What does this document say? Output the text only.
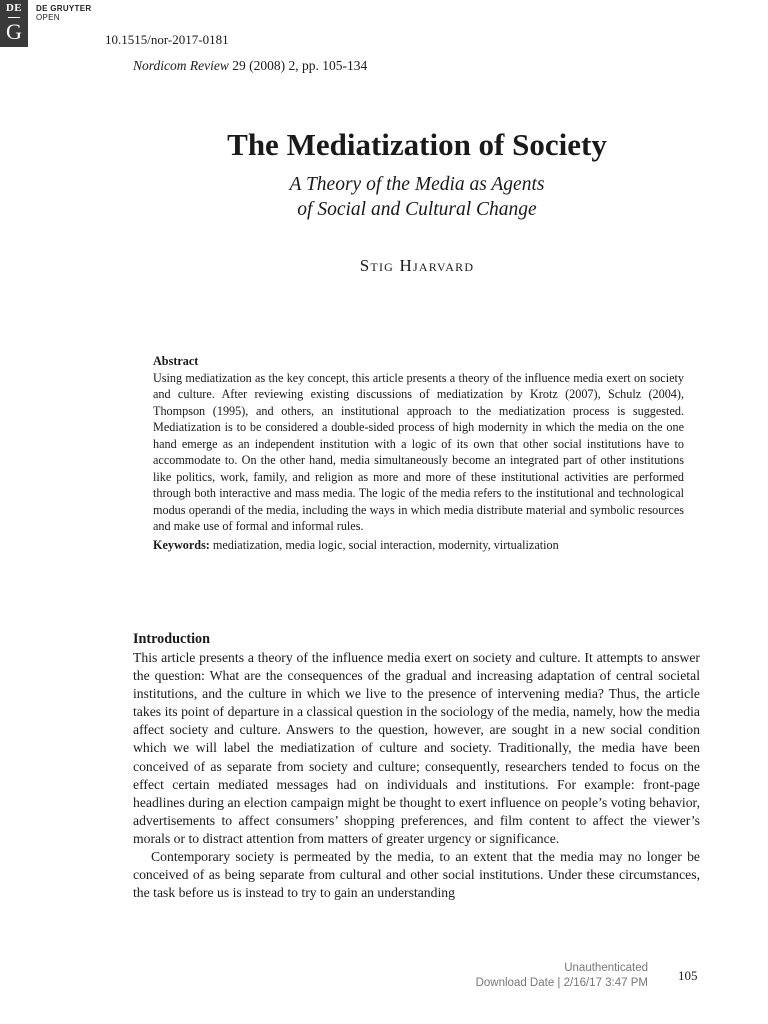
DE
G
DE GRUYTER
OPEN
10.1515/nor-2017-0181
Nordicom Review 29 (2008) 2, pp. 105-134
The Mediatization of Society
A Theory of the Media as Agents
of Social and Cultural Change
Stig Hjarvard
Abstract
Using mediatization as the key concept, this article presents a theory of the influence media exert on society and culture. After reviewing existing discussions of mediatization by Krotz (2007), Schulz (2004), Thompson (1995), and others, an institutional approach to the mediatization process is suggested. Mediatization is to be considered a double-sided process of high modernity in which the media on the one hand emerge as an independent institution with a logic of its own that other social institutions have to accommodate to. On the other hand, media simultaneously become an integrated part of other institutions like politics, work, family, and religion as more and more of these institutional activities are performed through both interactive and mass media. The logic of the media refers to the institutional and technological modus operandi of the media, including the ways in which media distribute material and symbolic resources and make use of formal and informal rules.
Keywords: mediatization, media logic, social interaction, modernity, virtualization
Introduction

This article presents a theory of the influence media exert on society and culture. It attempts to answer the question: What are the consequences of the gradual and increasing adaptation of central societal institutions, and the culture in which we live to the presence of intervening media? Thus, the article takes its point of departure in a classical question in the sociology of the media, namely, how the media affect society and culture. Answers to the question, however, are sought in a new social condition which we will label the mediatization of culture and society. Traditionally, the media have been conceived of as separate from society and culture; consequently, researchers tended to focus on the effect certain mediated messages had on individuals and institutions. For example: front-page headlines during an election campaign might be thought to exert influence on people’s voting behavior, advertisements to affect consumers’ shopping preferences, and film content to affect the viewer’s morals or to distract attention from matters of greater urgency or significance.

Contemporary society is permeated by the media, to an extent that the media may no longer be conceived of as being separate from cultural and other social institutions. Under these circumstances, the task before us is instead to try to gain an understanding

Unauthenticated
Download Date | 2/16/17 3:47 PM 105
